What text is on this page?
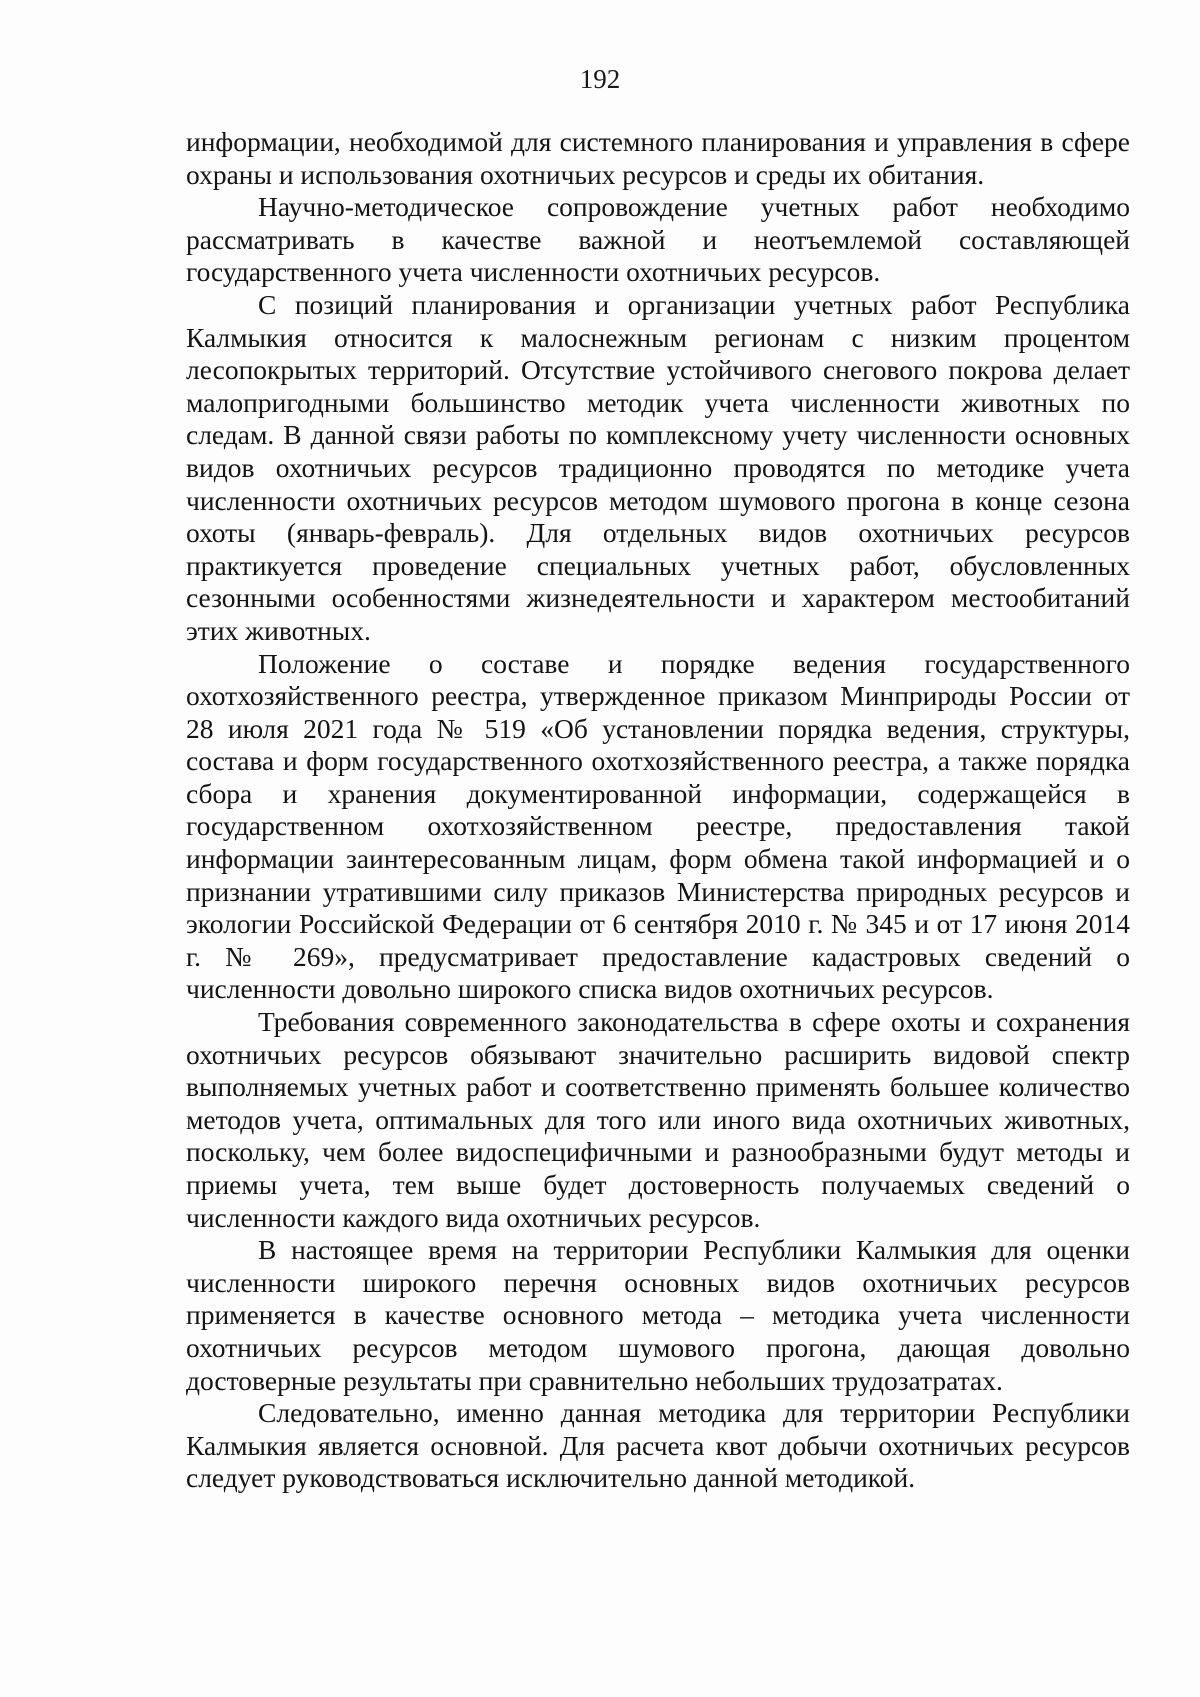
192

информации, необходимой для системного планирования и управления в сфере охраны и использования охотничьих ресурсов и среды их обитания.

Научно-методическое сопровождение учетных работ необходимо рассматривать в качестве важной и неотъемлемой составляющей государственного учета численности охотничьих ресурсов.

С позиций планирования и организации учетных работ Республика Калмыкия относится к малоснежным регионам с низким процентом лесопокрытых территорий. Отсутствие устойчивого снегового покрова делает малопригодными большинство методик учета численности животных по следам. В данной связи работы по комплексному учету численности основных видов охотничьих ресурсов традиционно проводятся по методике учета численности охотничьих ресурсов методом шумового прогона в конце сезона охоты (январь-февраль). Для отдельных видов охотничьих ресурсов практикуется проведение специальных учетных работ, обусловленных сезонными особенностями жизнедеятельности и характером местообитаний этих животных.

Положение о составе и порядке ведения государственного охотхозяйственного реестра, утвержденное приказом Минприроды России от 28 июля 2021 года № 519 «Об установлении порядка ведения, структуры, состава и форм государственного охотхозяйственного реестра, а также порядка сбора и хранения документированной информации, содержащейся в государственном охотхозяйственном реестре, предоставления такой информации заинтересованным лицам, форм обмена такой информацией и о признании утратившими силу приказов Министерства природных ресурсов и экологии Российской Федерации от 6 сентября 2010 г. № 345 и от 17 июня 2014 г. № 269», предусматривает предоставление кадастровых сведений о численности довольно широкого списка видов охотничьих ресурсов.

Требования современного законодательства в сфере охоты и сохранения охотничьих ресурсов обязывают значительно расширить видовой спектр выполняемых учетных работ и соответственно применять большее количество методов учета, оптимальных для того или иного вида охотничьих животных, поскольку, чем более видоспецифичными и разнообразными будут методы и приемы учета, тем выше будет достоверность получаемых сведений о численности каждого вида охотничьих ресурсов.

В настоящее время на территории Республики Калмыкия для оценки численности широкого перечня основных видов охотничьих ресурсов применяется в качестве основного метода – методика учета численности охотничьих ресурсов методом шумового прогона, дающая довольно достоверные результаты при сравнительно небольших трудозатратах.

Следовательно, именно данная методика для территории Республики Калмыкия является основной. Для расчета квот добычи охотничьих ресурсов следует руководствоваться исключительно данной методикой.
